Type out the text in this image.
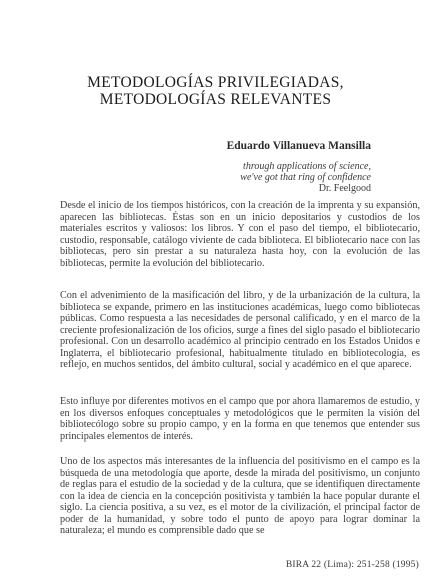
METODOLOGÍAS PRIVILEGIADAS,
METODOLOGÍAS RELEVANTES
Eduardo Villanueva Mansilla
through applications of science,
we've got that ring of confidence
Dr. Feelgood

Desde el inicio de los tiempos históricos, con la creación de la imprenta y su expansión, aparecen las bibliotecas. Éstas son en un inicio depositarios y custodios de los materiales escritos y valiosos: los libros. Y con el paso del tiempo, el bibliotecario, custodio, responsable, catálogo viviente de cada biblioteca. El bibliotecario nace con las bibliotecas, pero sin prestar a su naturaleza hasta hoy, con la evolución de las bibliotecas, permite la evolución del bibliotecario.

Con el advenimiento de la masificación del libro, y de la urbanización de la cultura, la biblioteca se expande, primero en las instituciones académicas, luego como bibliotecas públicas. Como respuesta a las necesidades de personal calificado, y en el marco de la creciente profesionalización de los oficios, surge a fines del siglo pasado el bibliotecario profesional. Con un desarrollo académico al principio centrado en los Estados Unidos e Inglaterra, el bibliotecario profesional, habitualmente titulado en bibliotecología, es reflejo, en muchos sentidos, del ámbito cultural, social y académico en el que aparece.

Esto influye por diferentes motivos en el campo que por ahora llamaremos de estudio, y en los diversos enfoques conceptuales y metodológicos que le permiten la visión del bibliotecólogo sobre su propio campo, y en la forma en que tenemos que entender sus principales elementos de interés.

Uno de los aspectos más interesantes de la influencia del positivismo en el campo es la búsqueda de una metodología que aporte, desde la mirada del positivismo, un conjunto de reglas para el estudio de la sociedad y de la cultura, que se identifiquen directamente con la idea de ciencia en la concepción positivista y también la hace popular durante el siglo. La ciencia positiva, a su vez, es el motor de la civilización, el principal factor de poder de la humanidad, y sobre todo el punto de apoyo para lograr dominar la naturaleza; el mundo es comprensible dado que se

BIRA 22 (Lima): 251-258 (1995)
